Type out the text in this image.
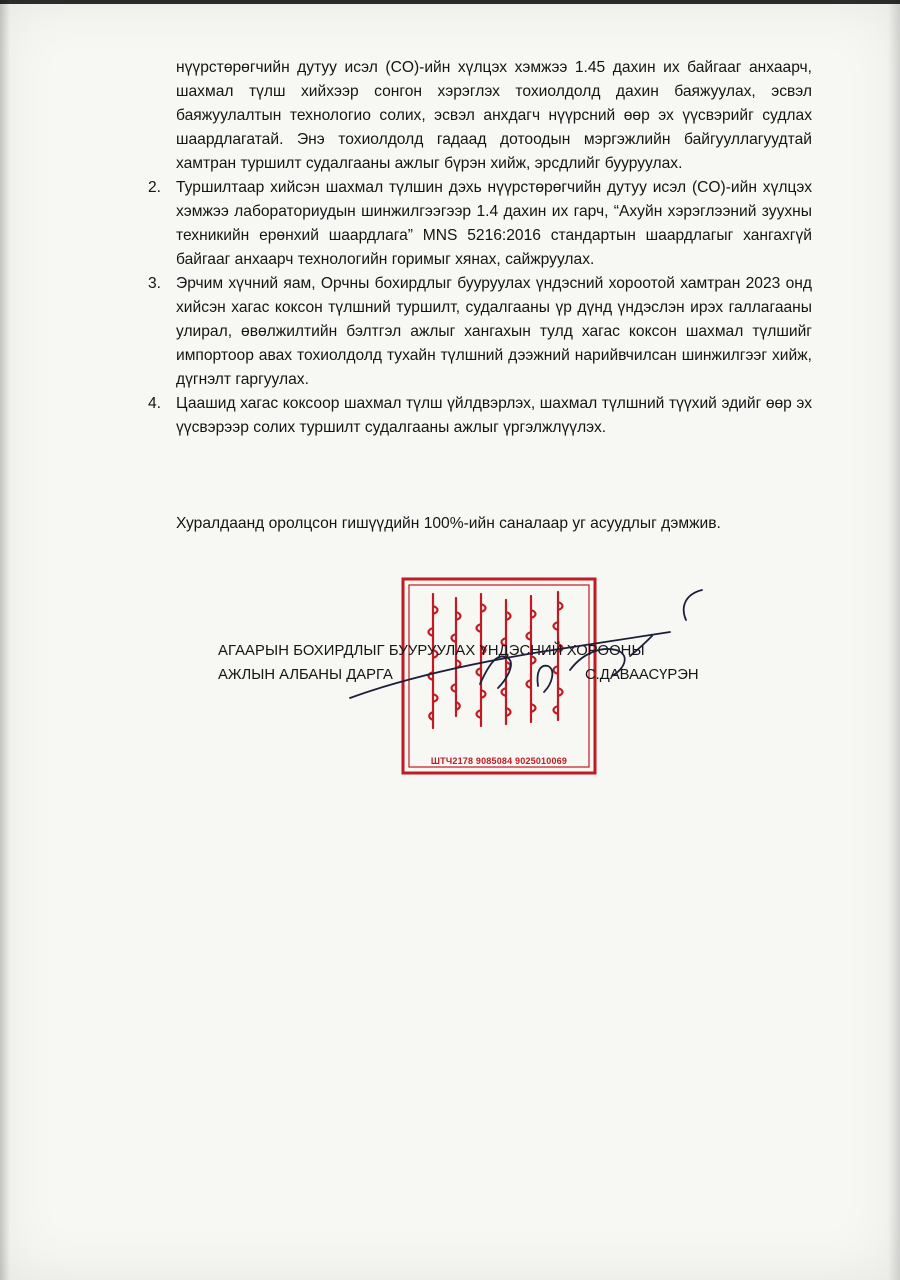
нүүрстөрөгчийн дутуу исэл (CO)-ийн хүлцэх хэмжээ 1.45 дахин их байгааг анхаарч, шахмал түлш хийхээр сонгон хэрэглэх тохиолдолд дахин баяжуулах, эсвэл баяжуулалтын технологио солих, эсвэл анхдагч нүүрсний өөр эх үүсвэрийг судлах шаардлагатай. Энэ тохиолдолд гадаад дотоодын мэргэжлийн байгууллагуудтай хамтран туршилт судалгааны ажлыг бүрэн хийж, эрсдлийг бууруулах.

2. Туршилтаар хийсэн шахмал түлшин дэхь нүүрстөрөгчийн дутуу исэл (CO)-ийн хүлцэх хэмжээ лабораториудын шинжилгээгээр 1.4 дахин их гарч, “Ахуйн хэрэглээний зуухны техникийн ерөнхий шаардлага” MNS 5216:2016 стандартын шаардлагыг хангахгүй байгааг анхаарч технологийн горимыг хянах, сайжруулах.

3. Эрчим хүчний яам, Орчны бохирдлыг бууруулах үндэсний хороотой хамтран 2023 онд хийсэн хагас коксон түлшний туршилт, судалгааны үр дүнд үндэслэн ирэх галлагааны улирал, өвөлжилтийн бэлтгэл ажлыг хангахын тулд хагас коксон шахмал түлшийг импортоор авах тохиолдолд тухайн түлшний дээжний нарийвчилсан шинжилгээг хийж, дүгнэлт гаргуулах.

4. Цаашид хагас коксоор шахмал түлш үйлдвэрлэх, шахмал түлшний түүхий эдийг өөр эх үүсвэрээр солих туршилт судалгааны ажлыг үргэлжлүүлэх.

Хуралдаанд оролцсон гишүүдийн 100%-ийн саналаар уг асуудлыг дэмжив.
ШТЧ2178 9085084 9025010069
АГААРЫН БОХИРДЛЫГ БУУРУУЛАХ ҮНДЭСНИЙ ХОРООНЫ
АЖЛЫН АЛБАНЫ ДАРГА	С.ДАВААСҮРЭН
